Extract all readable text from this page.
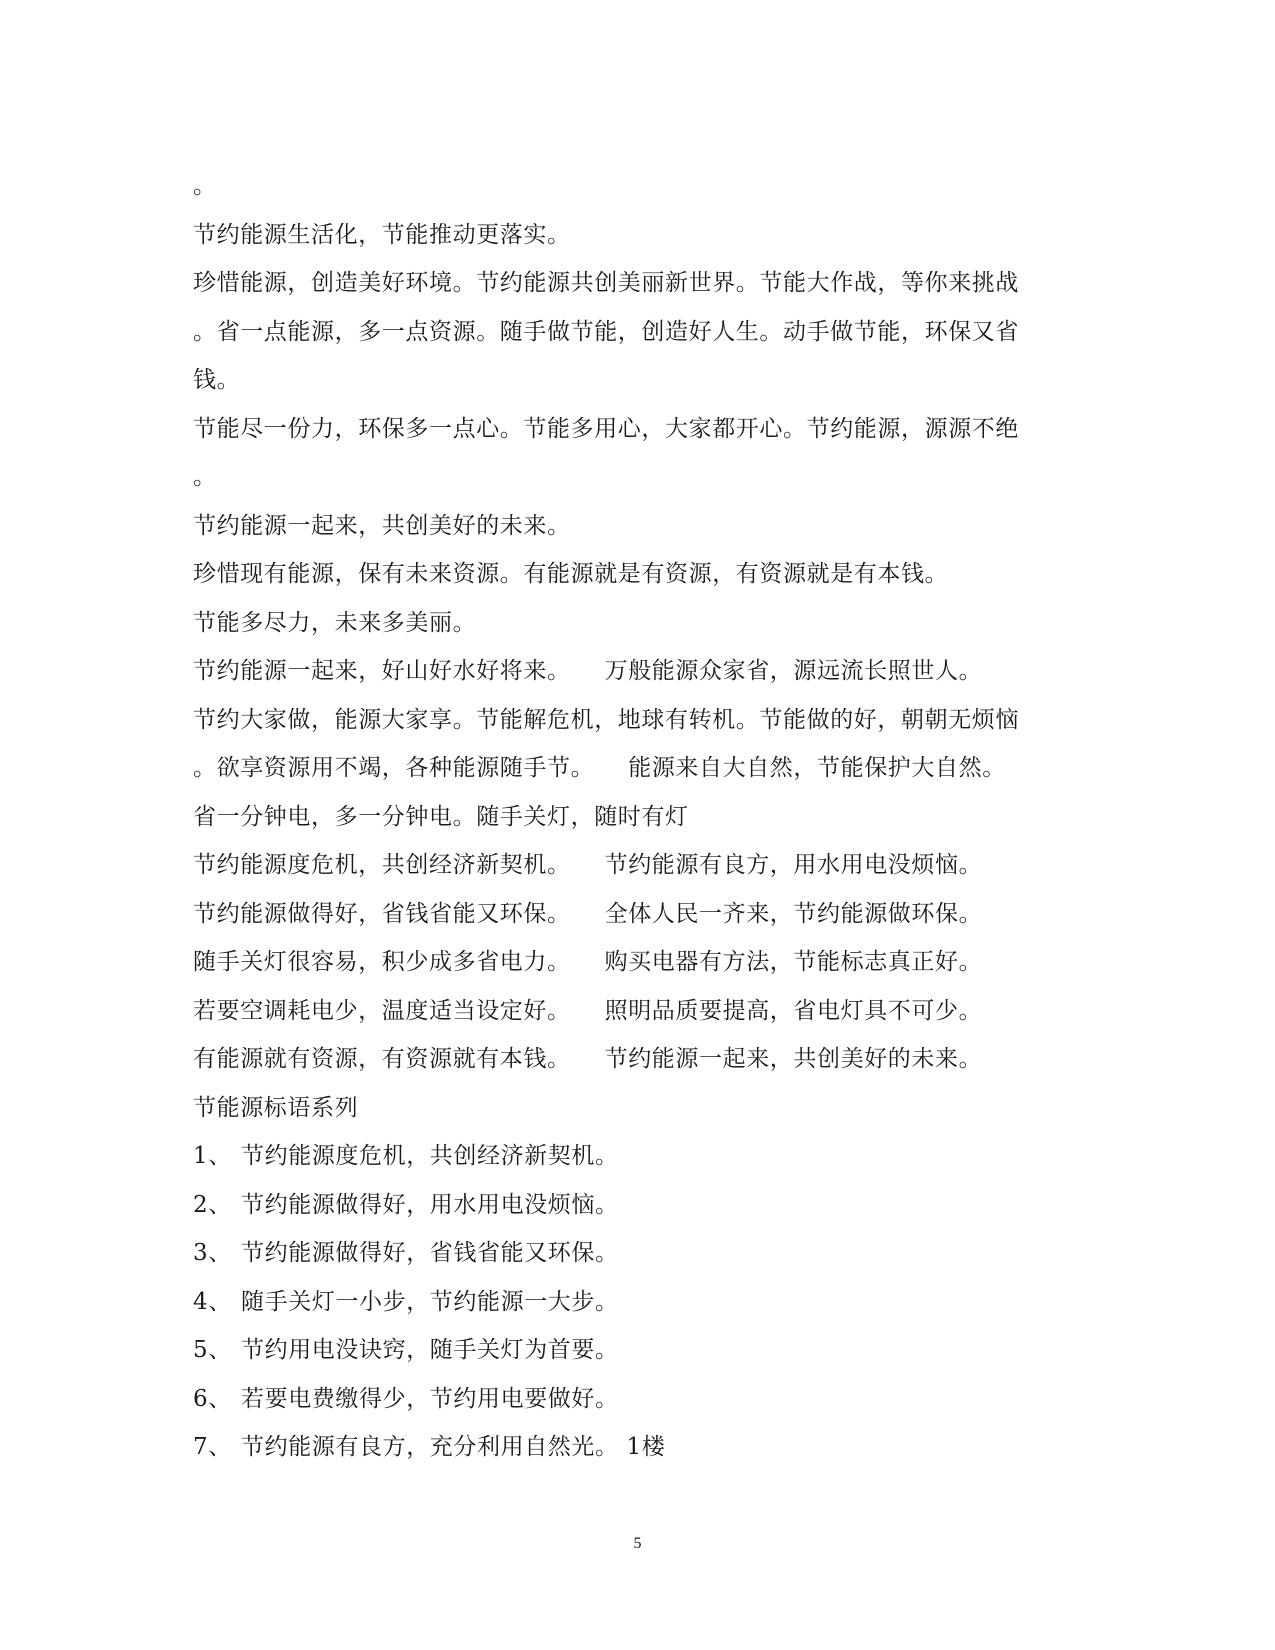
。
节约能源生活化，节能推动更落实。
珍惜能源，创造美好环境。节约能源共创美丽新世界。节能大作战，等你来挑战
。省一点能源，多一点资源。随手做节能，创造好人生。动手做节能，环保又省
钱。
节能尽一份力，环保多一点心。节能多用心，大家都开心。节约能源，源源不绝
。
节约能源一起来，共创美好的未来。
珍惜现有能源，保有未来资源。有能源就是有资源，有资源就是有本钱。
节能多尽力，未来多美丽。
节约能源一起来，好山好水好将来。 万般能源众家省，源远流长照世人。
节约大家做，能源大家享。节能解危机，地球有转机。节能做的好，朝朝无烦恼
。欲享资源用不竭，各种能源随手节。 能源来自大自然，节能保护大自然。
省一分钟电，多一分钟电。随手关灯，随时有灯
节约能源度危机，共创经济新契机。 节约能源有良方，用水用电没烦恼。
节约能源做得好，省钱省能又环保。 全体人民一齐来，节约能源做环保。
随手关灯很容易，积少成多省电力。 购买电器有方法，节能标志真正好。
若要空调耗电少，温度适当设定好。 照明品质要提高，省电灯具不可少。
有能源就有资源，有资源就有本钱。 节约能源一起来，共创美好的未来。
节能源标语系列
1、 节约能源度危机，共创经济新契机。
2、 节约能源做得好，用水用电没烦恼。
3、 节约能源做得好，省钱省能又环保。
4、 随手关灯一小步，节约能源一大步。
5、 节约用电没诀窍，随手关灯为首要。
6、 若要电费缴得少，节约用电要做好。
7、 节约能源有良方，充分利用自然光。 1楼
5
